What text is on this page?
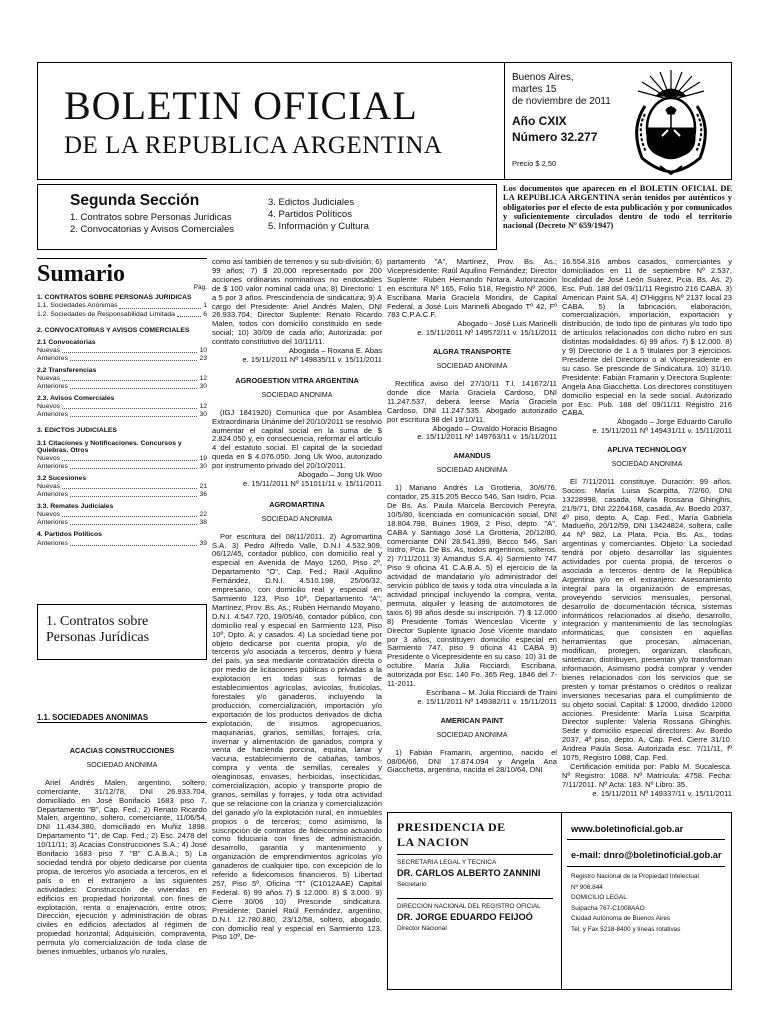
BOLETIN OFICIAL
DE LA REPUBLICA ARGENTINA
Buenos Aires,
martes 15
de noviembre de 2011
Año CXIX
Número 32.277
Precio $ 2,50
Segunda Sección
1. Contratos sobre Personas Jurídicas
2. Convocatorias y Avisos Comerciales
3. Edictos Judiciales
4. Partidos Políticos
5. Información y Cultura
Los documentos que aparecen en el BOLETIN OFICIAL DE LA REPUBLICA ARGENTINA serán tenidos por auténticos y obligatorios por el efecto de esta publicación y por comunicados y suficientemente circulados dentro de todo el territorio nacional (Decreto Nº 659/1947)
Sumario
Pág.
1. CONTRATOS SOBRE PERSONAS JURIDICAS
1.1. Sociedades Anónimas	1
1.2. Sociedades de Responsabilidad Limitada	6
2. CONVOCATORIAS Y AVISOS COMERCIALES
2.1 Convocatorias
Nuevas	10
Anteriores	23
2.2 Transferencias
Nuevas	12
Anteriores	30
2.3. Avisos Comerciales
Nuevos	12
Anteriores	30
3. EDICTOS JUDICIALES
3.1 Citaciones y Notificaciones. Concursos y Quiebras. Otros
Nuevos	19
Anteriores	30
3.2 Sucesiones
Nuevas	21
Anteriores	36
3.3. Remates Judiciales
Nuevos	22
Anteriores	38
4. Partidos Políticos
Anteriores	39
1. Contratos sobre
Personas Jurídicas
1.1. SOCIEDADES ANONIMAS
ACACIAS CONSTRUCCIONES
SOCIEDAD ANONIMA

Ariel Andrés Malen, argentino, soltero, comerciante, 31/12/78, DNI 26.933.704, domiciliado en José Bonifacio 1683 piso 7, Departamento "B", Cap. Fed.; 2) Renato Ricardo Malen, argentino, soltero, comerciante, 11/06/54, DNI 11.434.380, domiciliado en Muñiz 1898. Departamento "1", de Cap. Fed.; 2) Esc. 2478 del 10/11/11; 3) Acacias Construcciones S.A.; 4) José Bonifacio 1683 piso 7 "B" C.A.B.A.; 5) La sociedad tendrá por objeto dedicarse por cuenta propia, de terceros y/o asociada a terceros, en el país o en el extranjero a las siguientes actividades: Construcción de viviendas en edificios en propiedad horizontal, con fines de explotación, renta o enajenación, entre otros; Dirección, ejecución y administración de obras civiles en edificios afectados al régimen de propiedad horizontal; Adquisición, compraventa, permuta y/o comercialización de toda clase de bienes inmuebles, urbanos y/o rurales,

como así también de terrenos y su sub-división; 6) 99 años; 7) $ 20.000 representado por 200 acciones ordinarias nominativas no endosables de $ 100 valor nominal cada una; 8) Directorio: 1 a 5 por 3 años. Prescindencia de sindicatura; 9) A cargo del Presidente: Ariel Andrés Malen, DNI 26.933.704; Director Suplente: Renato Ricardo Malen, todos con domicilio constituido en sede social; 10) 30/09 de cada año; Autorizada: por contrato constitutivo del 10/11/11.

Abogada – Roxana E. Abas

e. 15/11/2011 Nº 149835/11 v. 15/11/2011

AGROGESTION VITRA ARGENTINA
SOCIEDAD ANONIMA

(IGJ 1841920) Comunica que por Asamblea Extraordinaria Unánime del 20/10/2011 se resolvió aumentar el capital social en la suma de $ 2.824.050 y, en consecuencia, reformar el artículo 4 del estatuto social. El capital de la sociedad queda en $ 4.076.050. Jong Uk Woo, autorizado por instrumento privado del 20/10/2011.

Abogado – Jong Uk Woo

e. 15/11/2011 Nº 151011/11 v. 15/11/2011

AGROMARTINA
SOCIEDAD ANONIMA

Por escritura del 08/11/2011. 2) Agromartina S.A. 3) Pedro Alfredo Valle, D.N.I 4.532.909, 06/12/45, contador público, con domicilio real y especial en Avenida de Mayo 1260, Piso 2º, Departamento "O", Cap. Fed.; Raúl Aquilino Fernández, D.N.I. 4.510.198, 25/06/32, empresario, con domicilio real y especial en Sarmiento 123, Piso 10º, Departamento "A"; Martínez, Prov. Bs. As.; Rubén Hernando Moyano, D.N.I. 4.547.720, 19/05/46, contador público, con domicilio real y especial en Sarmiento 123, Piso 10º, Dpto. A; y casados. 4) La sociedad tiene por objeto dedicarse por cuenta propia, y/o de terceros y/o asociada a terceros, dentro y fuera del país, ya sea mediante contratación directa o por medio de licitaciones públicas o privadas a la explotación en todas sus formas de establecimientos agrícolas, avícolas, frutícolas, forestales y/o ganaderos, incluyendo la producción, comercialización, importación y/o exportación de los productos derivados de dicha explotación, de insumos agropecuarios, maquinarias, granos, semillas, forrajes, cría, invernar y alimentación de ganados, compra y venta de hacienda porcina, equina, lanar y vacuna, establecimiento de cabañas, tambos, compra y venta de semillas, cereales y oleaginosas, envases, herbicidas, insecticidas, comercialización, acopio y transporte propio de granos, semillas y forrajes, y toda otra actividad que se relacione con la crianza y comercialización del ganado y/o la explotación rural, en inmuebles propios o de terceros; como asimismo, la suscripción de contratos de fideicomiso actuando como fiduciaria con fines de administración, desarrollo, garantía y mantenimiento y organización de emprendimientos agrícolas y/o ganaderos de cualquier tipo, con excepción de lo referido a fideicomisos financieros. 5) Libertad 257, Piso 5º, Oficina "T" (C1012AAE) Capital Federal. 6) 99 años 7) $ 12.000. 8) $ 3.000. 9) Cierre 30/06 10) Prescinde sindicatura. Presidente: Daniel Raúl Fernández, argentino, D.N.I. 12.780.880, 23/12/58, soltero, abogado, con domicilio real y especial en Sarmiento 123, Piso 10º, De-

partamento "A", Martínez, Prov. Bs. As.; Vicepresidente: Raúl Aquilino Fernández; Director Suplente: Rubén Hernando Notara. Autorización en escritura Nº 165, Folio 518, Registro Nº 2006, Escribana María Graciela Mondini, de Capital Federal, a José Luis Marinelli Abogado Tº 42, Fº 783 C.P.A.C.F.

Abogado - José Luis Marinelli

e. 15/11/2011 Nº 149572/11 v. 15/11/2011

ALGRA TRANSPORTE
SOCIEDAD ANONIMA

Rectifica aviso del 27/10/11 T.I. 141672/11 donde dice María Graciela Cardoso, DNI 11.247.537, deberá leerse María Graciela Cardoso, DNI 11.247.535. Abogado autorizado por escritura 98 del 19/10/11.

Abogado – Osvaldo Horacio Bisagno

e. 15/11/2011 Nº 149763/11 v. 15/11/2011

AMANDUS
SOCIEDAD ANONIMA

1) Mariano Andrés La Grotteria, 30/6/76, contador, 25.315.205 Becco 546, San Isidro, Pcia. De Bs. As. Paula Marcela Bercovich Pereyra, 10/5/80, licenciada en comunicación social, DNI 18.804.798, Buines 1969, 2 Piso, depto. "A", CABA y Santiago José La Grotteria, 20/12/80, comerciante DNI 28.541.399, Becco 546, San Isidro, Pcia. De Bs. As, todos argentinos, solteros. 2) 7/11/2011 3) Amandus S.A. 4) Sarmiento 747 Piso 9 oficina 41 C.A.B.A. 5) el ejercicio de la actividad de mandatario y/o administrador del servicio público de taxis y toda otra vinculada a la actividad principal incluyendo la compra, venta, permuta, alquiler y leasing de automotores de taxis 6) 99 años desde su inscripción. 7) $ 12.000 8) Presidente Tomás Wenceslao Vicente y Director Suplente Ignacio José Vicente mandato por 3 años, constituyen domicilio especial en Sarmiento 747, piso 9 oficina 41 CABA 9) Presidente o Vicepresidente en su caso. 10) 31 de octubre. María Julia Ricciardi, Escribana, autorizada por Esc. 140 Fo. 365 Reg. 1846 del 7-11-2011.

Escribana – M. Julia Ricciardi de Traini

e. 15/11/2011 Nº 149382/11 v. 15/11/2011

AMERICAN PAINT
SOCIEDAD ANONIMA

1) Fabián Framarin, argentino, nacido el 08/06/66, DNI 17.874.094 y Angela Ana Giacchetta, argentina, nacida el 28/10/64, DNI

16.554.316 ambos casados, comerciantes y domiciliados en 11 de septiembre Nº 2.537, localidad de José León Suárez, Pcia. Bs. As. 2) Esc. Pub. 188 del 09/11/11 Registro 216 CABA. 3) American Paint SA. 4) O'Higgins Nº 2137 local 23 CABA. 5) la fabricación, elaboración, comercialización, importación, exportación y distribución, de todo tipo de pinturas y/o todo tipo de artículos relacionados con dicho rubro en sus distintas modalidades. 6) 99 años. 7) $ 12.000. 8) y 9) Directorio de 1 a 5 titulares por 3 ejercicios. Presidente del Directorio o al Vicepresidente en su caso. Se prescinde de Sindicatura. 10) 31/10. Presidente: Fabián Framarin y Directora Suplente: Angela Ana Giacchetta. Los directores constituyen domicilio especial en la sede social. Autorizado por Esc. Pub. 188 del 09/11/11 Registro 216 CABA.

Abogado – Jorge Eduardo Carullo

e. 15/11/2011 Nº 149431/11 v. 15/11/2011

APLIVA TECHNOLOGY
SOCIEDAD ANONIMA

El 7/11/2011 constituye. Duración: 99 años. Socios: María Luisa Scarpitta, 7/2/60, DNI 13228998, casada, María Rossana Ghinghis, 21/9/71, DNI 22264168, casada, Av. Boedo 2037, 4º piso, depto. A, Cap. Fed., María Gabriela Madueño, 20/12/59, DNI 13424824, soltera, calle 44 Nº 982, La Plata, Pcia. Bs. As., todas argentinas y comerciantes. Objeto: La sociedad tendrá por objeto desarrollar las siguientes actividades por cuenta propia, de terceros o asociada a terceros dentro de la República Argentina y/o en el extranjero: Asesoramiento integral para la organización de empresas, proveyendo servicios mensuales, personal, desarrollo de documentación técnica, sistemas informáticos relacionados al diseño, desarrollo, integración y mantenimiento de las tecnologías informáticas, que consisten en aquellas herramientas que procesan, almacenan, modifican, protegen, organizan, clasifican, sintetizan, distribuyen, presentan y/o transforman información, Asimismo podrá comprar y vender bienes relacionados con los servicios que se presten y tomar préstamos o créditos o realizar inversiones necesarias para el cumplimiento de su objeto social. Capital: $ 12000, dividido 12000 acciones. Presidente: María Luisa Scarpitta. Director suplente: Valeria Rossana Ghinghis. Sede y domicilio especial directores: Av. Boedo 2037, 4º piso, depto. A, Cap. Fed. Cierre 31/10. Andrea Paula Sosa. Autorizada esc. 7/11/11, fº 1075, Registro 1088, Cap. Fed.

Certificación emitida por: Pablo M. Sucalesca. Nº Registro: 1088. Nº Matrícula: 4758. Fecha: 7/11/2011. Nº Acta: 183. Nº Libro: 35.

e. 15/11/2011 Nº 149337/11 v. 15/11/2011

PRESIDENCIA DE
LA NACION
SECRETARIA LEGAL Y TECNICA
DR. CARLOS ALBERTO ZANNINI
Secretario
DIRECCION NACIONAL DEL REGISTRO OFICIAL
DR. JORGE EDUARDO FEIJOÓ
Director Nacional
www.boletinoficial.gob.ar
e-mail: dnro@boletinoficial.gob.ar
Registro Nacional de la Propiedad Intelectual
Nº 906.844
DOMICILIO LEGAL
Suipacha 767-C1008AAO
Ciudad Autónoma de Buenos Aires
Tel. y Fax 5218-8400 y líneas rotativas
